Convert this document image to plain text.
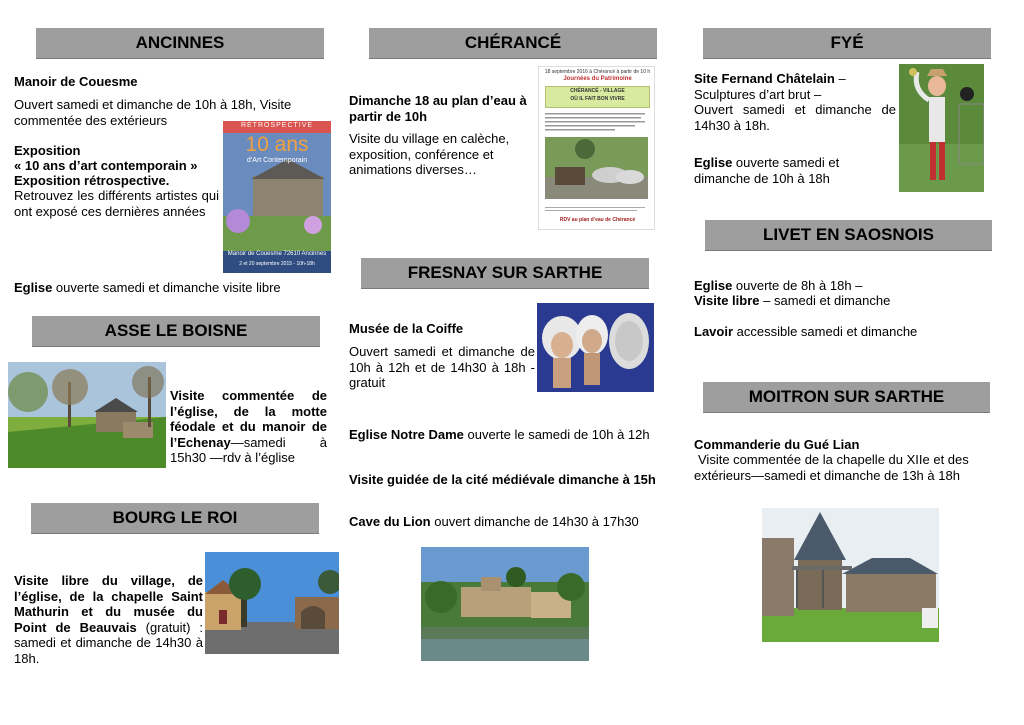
ANCINNES
Manoir de Couesme
Ouvert samedi et dimanche de 10h à 18h, Visite commentée des extérieurs
Exposition
« 10 ans d’art contemporain »
Exposition rétrospective.
Retrouvez les différents artistes qui ont exposé ces dernières années
RÉTROSPECTIVE
10 ans
d’Art Contemporain
Manoir de Couesme 72610 Ancinnes
2 et 20 septembre 2015 - 10h-18h
Eglise ouverte samedi et dimanche visite libre
ASSE LE BOISNE
Visite commentée de l’église, de la motte féodale et du manoir de l’Echenay—samedi à 15h30 —rdv à l’église
BOURG LE ROI
Visite libre du village, de l’église, de la chapelle Saint Mathurin et du musée du Point de Beauvais (gratuit) : samedi et dimanche de 14h30 à 18h.
CHÉRANCÉ
Dimanche 18 au plan d’eau à partir de 10h
Visite du village en calèche, exposition, conférence et animations diverses…
18 septembre 2016 à Chérancé à partir de 10 h
Journées du Patrimoine
CHÉRANCÉ - VILLAGE
OÙ IL FAIT BON VIVRE
RDV au plan d’eau de Chérancé
FRESNAY SUR SARTHE
Musée de la Coiffe
Ouvert samedi et dimanche de 10h à 12h et de 14h30 à 18h - gratuit
Eglise Notre Dame ouverte le samedi de 10h à 12h
Visite guidée de la cité médiévale dimanche à 15h
Cave du Lion ouvert dimanche de 14h30 à 17h30
FYÉ
Site Fernand Châtelain –
Sculptures d’art brut –
Ouvert samedi et dimanche de 14h30 à 18h.
Eglise ouverte samedi et dimanche de 10h à 18h
LIVET EN SAOSNOIS
Eglise ouverte de 8h à 18h –
Visite libre – samedi et dimanche
Lavoir accessible samedi et dimanche
MOITRON SUR SARTHE
Commanderie du Gué Lian
Visite commentée de la chapelle du XIIe et des extérieurs—samedi et dimanche de 13h à 18h
